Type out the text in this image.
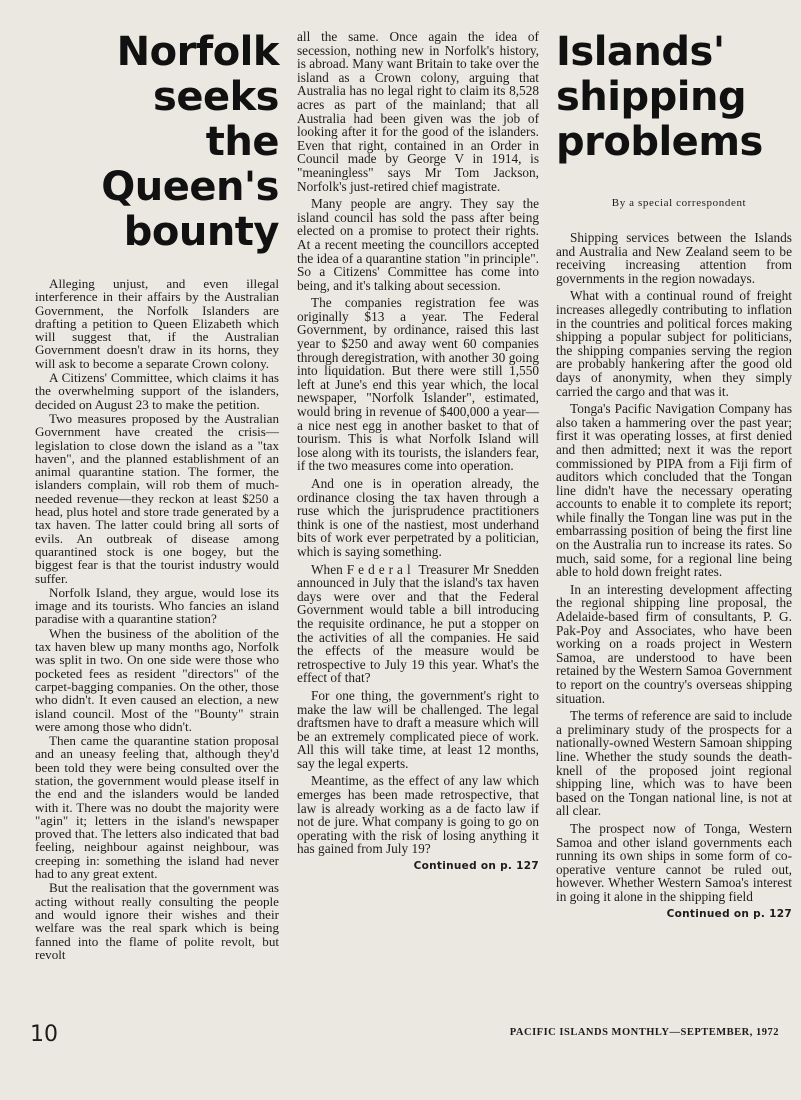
Norfolk seeks
the Queen's
bounty

Alleging unjust, and even illegal interference in their affairs by the Australian Government, the Norfolk Islanders are drafting a petition to Queen Elizabeth which will suggest that, if the Australian Government doesn't draw in its horns, they will ask to become a separate Crown colony.

A Citizens' Committee, which claims it has the overwhelming support of the islanders, decided on August 23 to make the petition.

Two measures proposed by the Australian Government have created the crisis—legislation to close down the island as a "tax haven", and the planned establishment of an animal quarantine station. The former, the islanders complain, will rob them of much-needed revenue—they reckon at least $250 a head, plus hotel and store trade generated by a tax haven. The latter could bring all sorts of evils. An outbreak of disease among quarantined stock is one bogey, but the biggest fear is that the tourist industry would suffer.

Norfolk Island, they argue, would lose its image and its tourists. Who fancies an island paradise with a quarantine station?

When the business of the abolition of the tax haven blew up many months ago, Norfolk was split in two. On one side were those who pocketed fees as resident "directors" of the carpet-bagging companies. On the other, those who didn't. It even caused an election, a new island council. Most of the "Bounty" strain were among those who didn't.

Then came the quarantine station proposal and an uneasy feeling that, although they'd been told they were being consulted over the station, the government would please itself in the end and the islanders would be landed with it. There was no doubt the majority were "agin" it; letters in the island's newspaper proved that. The letters also indicated that bad feeling, neighbour against neighbour, was creeping in: something the island had never had to any great extent.

But the realisation that the government was acting without really consulting the people and would ignore their wishes and their welfare was the real spark which is being fanned into the flame of polite revolt, but revolt

all the same. Once again the idea of secession, nothing new in Norfolk's history, is abroad. Many want Britain to take over the island as a Crown colony, arguing that Australia has no legal right to claim its 8,528 acres as part of the mainland; that all Australia had been given was the job of looking after it for the good of the islanders. Even that right, contained in an Order in Council made by George V in 1914, is "meaningless" says Mr Tom Jackson, Norfolk's just-retired chief magistrate.

Many people are angry. They say the island council has sold the pass after being elected on a promise to protect their rights. At a recent meeting the councillors accepted the idea of a quarantine station "in principle". So a Citizens' Committee has come into being, and it's talking about secession.

The companies registration fee was originally $13 a year. The Federal Government, by ordinance, raised this last year to $250 and away went 60 companies through deregistration, with another 30 going into liquidation. But there were still 1,550 left at June's end this year which, the local newspaper, "Norfolk Islander", estimated, would bring in revenue of $400,000 a year—a nice nest egg in another basket to that of tourism. This is what Norfolk Island will lose along with its tourists, the islanders fear, if the two measures come into operation.

And one is in operation already, the ordinance closing the tax haven through a ruse which the jurisprudence practitioners think is one of the nastiest, most underhand bits of work ever perpetrated by a politician, which is saying something.

When Federal Treasurer Mr Snedden announced in July that the island's tax haven days were over and that the Federal Government would table a bill introducing the requisite ordinance, he put a stopper on the activities of all the companies. He said the effects of the measure would be retrospective to July 19 this year. What's the effect of that?

For one thing, the government's right to make the law will be challenged. The legal draftsmen have to draft a measure which will be an extremely complicated piece of work. All this will take time, at least 12 months, say the legal experts.

Meantime, as the effect of any law which emerges has been made retrospective, that law is already working as a de facto law if not de jure. What company is going to go on operating with the risk of losing anything it has gained from July 19?

Continued on p. 127
Islands'
shipping
problems
By a special correspondent

Shipping services between the Islands and Australia and New Zealand seem to be receiving increasing attention from governments in the region nowadays.

What with a continual round of freight increases allegedly contributing to inflation in the countries and political forces making shipping a popular subject for politicians, the shipping companies serving the region are probably hankering after the good old days of anonymity, when they simply carried the cargo and that was it.

Tonga's Pacific Navigation Company has also taken a hammering over the past year; first it was operating losses, at first denied and then admitted; next it was the report commissioned by PIPA from a Fiji firm of auditors which concluded that the Tongan line didn't have the necessary operating accounts to enable it to complete its report; while finally the Tongan line was put in the embarrassing position of being the first line on the Australia run to increase its rates. So much, said some, for a regional line being able to hold down freight rates.

In an interesting development affecting the regional shipping line proposal, the Adelaide-based firm of consultants, P. G. Pak-Poy and Associates, who have been working on a roads project in Western Samoa, are understood to have been retained by the Western Samoa Government to report on the country's overseas shipping situation.

The terms of reference are said to include a preliminary study of the prospects for a nationally-owned Western Samoan shipping line. Whether the study sounds the death-knell of the proposed joint regional shipping line, which was to have been based on the Tongan national line, is not at all clear.

The prospect now of Tonga, Western Samoa and other island governments each running its own ships in some form of co-operative venture cannot be ruled out, however. Whether Western Samoa's interest in going it alone in the shipping field

Continued on p. 127
10	PACIFIC ISLANDS MONTHLY—SEPTEMBER, 1972
